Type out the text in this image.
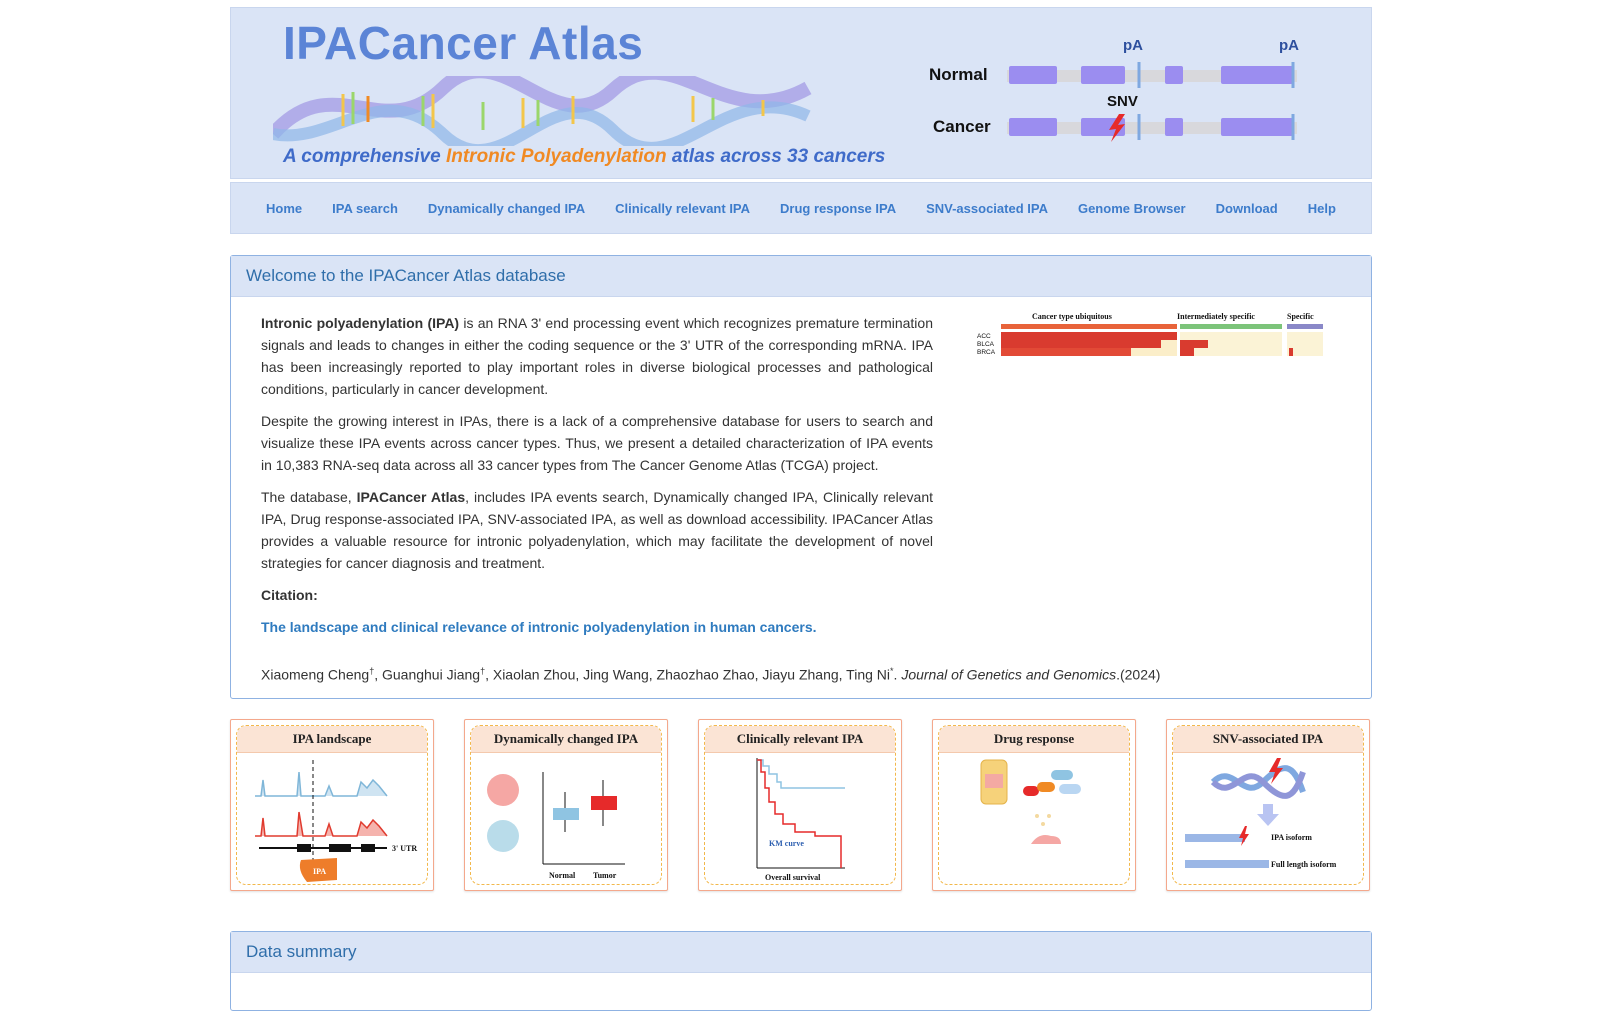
IPACancer Atlas
A comprehensive Intronic Polyadenylation atlas across 33 cancers
pA	pA
Normal
SNV
Cancer
Home IPA search Dynamically changed IPA Clinically relevant IPA Drug response IPA SNV-associated IPA Genome Browser Download Help
Welcome to the IPACancer Atlas database

Intronic polyadenylation (IPA) is an RNA 3' end processing event which recognizes premature termination signals and leads to changes in either the coding sequence or the 3' UTR of the corresponding mRNA. IPA has been increasingly reported to play important roles in diverse biological processes and pathological conditions, particularly in cancer development.

Despite the growing interest in IPAs, there is a lack of a comprehensive database for users to search and visualize these IPA events across cancer types. Thus, we present a detailed characterization of IPA events in 10,383 RNA-seq data across all 33 cancer types from The Cancer Genome Atlas (TCGA) project.

The database, IPACancer Atlas, includes IPA events search, Dynamically changed IPA, Clinically relevant IPA, Drug response-associated IPA, SNV-associated IPA, as well as download accessibility. IPACancer Atlas provides a valuable resource for intronic polyadenylation, which may facilitate the development of novel strategies for cancer diagnosis and treatment.

Citation:

The landscape and clinical relevance of intronic polyadenylation in human cancers.

Xiaomeng Cheng†, Guanghui Jiang†, Xiaolan Zhou, Jing Wang, Zhaozhao Zhao, Jiayu Zhang, Ting Ni*. Journal of Genetics and Genomics.(2024)
Cancer type ubiquitous	Intermediately specific	Specific
ACC
BLCA
BRCA
IPA landscape
3' UTR
IPA
Dynamically changed IPA
Normal Tumor
Clinically relevant IPA
KM curve
Overall survival
Drug response	SNV-associated IPA
IPA isoform
Full length isoform
Data summary
